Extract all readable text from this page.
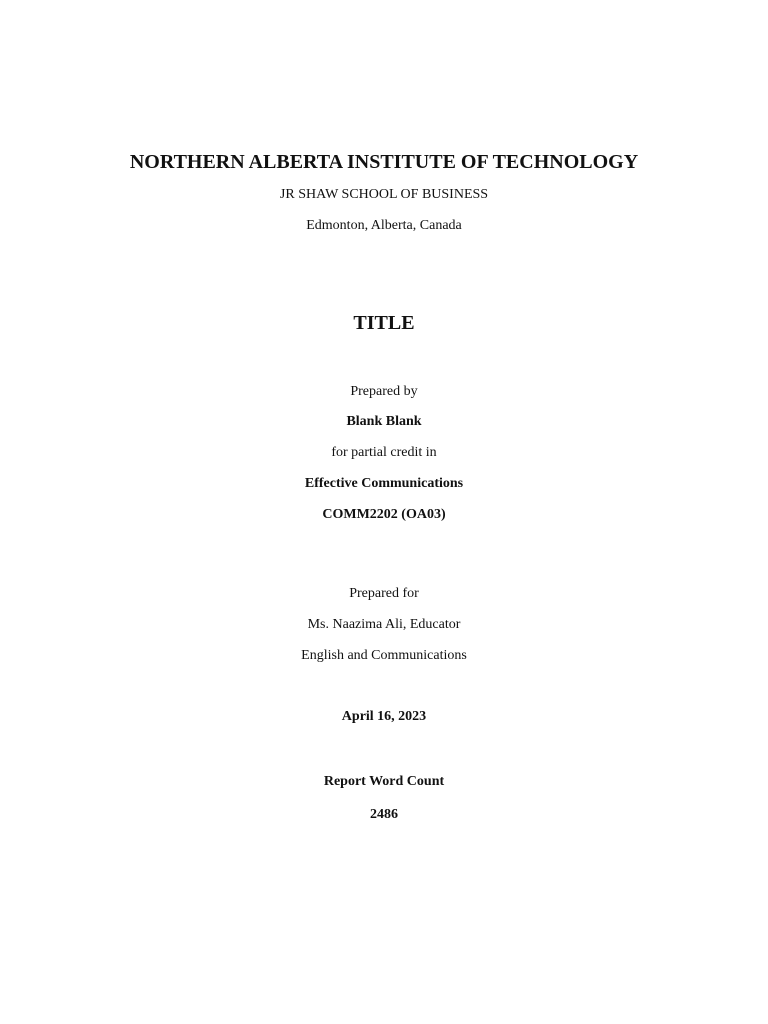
NORTHERN ALBERTA INSTITUTE OF TECHNOLOGY
JR SHAW SCHOOL OF BUSINESS
Edmonton, Alberta, Canada
TITLE
Prepared by
Blank Blank
for partial credit in
Effective Communications
COMM2202 (OA03)
Prepared for
Ms. Naazima Ali, Educator
English and Communications
April 16, 2023
Report Word Count
2486
